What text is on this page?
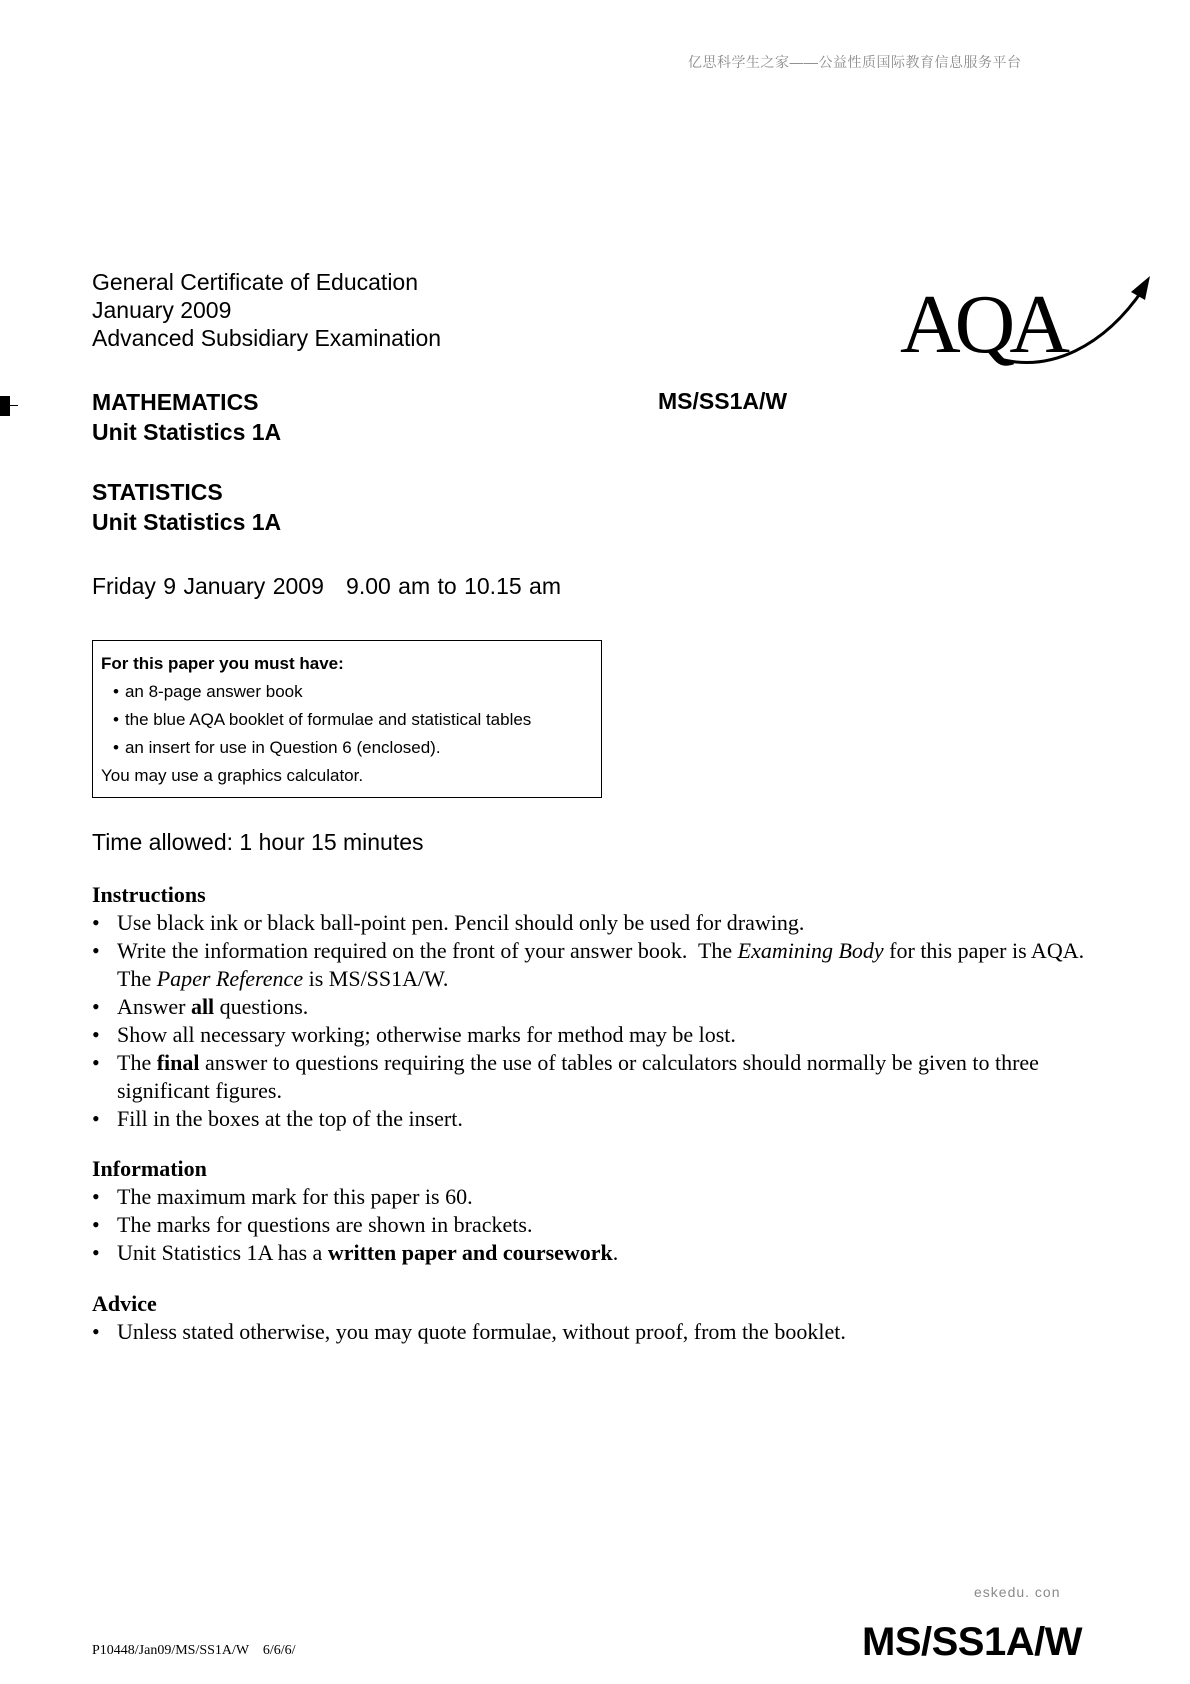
亿思科学生之家——公益性质国际教育信息服务平台
General Certificate of Education
January 2009
Advanced Subsidiary Examination	AQA
MATHEMATICS
Unit Statistics 1A
MS/SS1A/W
STATISTICS
Unit Statistics 1A
Friday 9 January 2009   9.00 am to 10.15 am
For this paper you must have:
• an 8-page answer book
• the blue AQA booklet of formulae and statistical tables
• an insert for use in Question 6 (enclosed).
You may use a graphics calculator.
Time allowed: 1 hour 15 minutes
Instructions
• Use black ink or black ball-point pen. Pencil should only be used for drawing.
• Write the information required on the front of your answer book.  The Examining Body for this paper is AQA.  The Paper Reference is MS/SS1A/W.
• Answer all questions.
• Show all necessary working; otherwise marks for method may be lost.
• The final answer to questions requiring the use of tables or calculators should normally be given to three significant figures.
• Fill in the boxes at the top of the insert.
Information
• The maximum mark for this paper is 60.
• The marks for questions are shown in brackets.
• Unit Statistics 1A has a written paper and coursework.
Advice
• Unless stated otherwise, you may quote formulae, without proof, from the booklet.
eskedu. con
P10448/Jan09/MS/SS1A/W    6/6/6/	MS/SS1A/W
